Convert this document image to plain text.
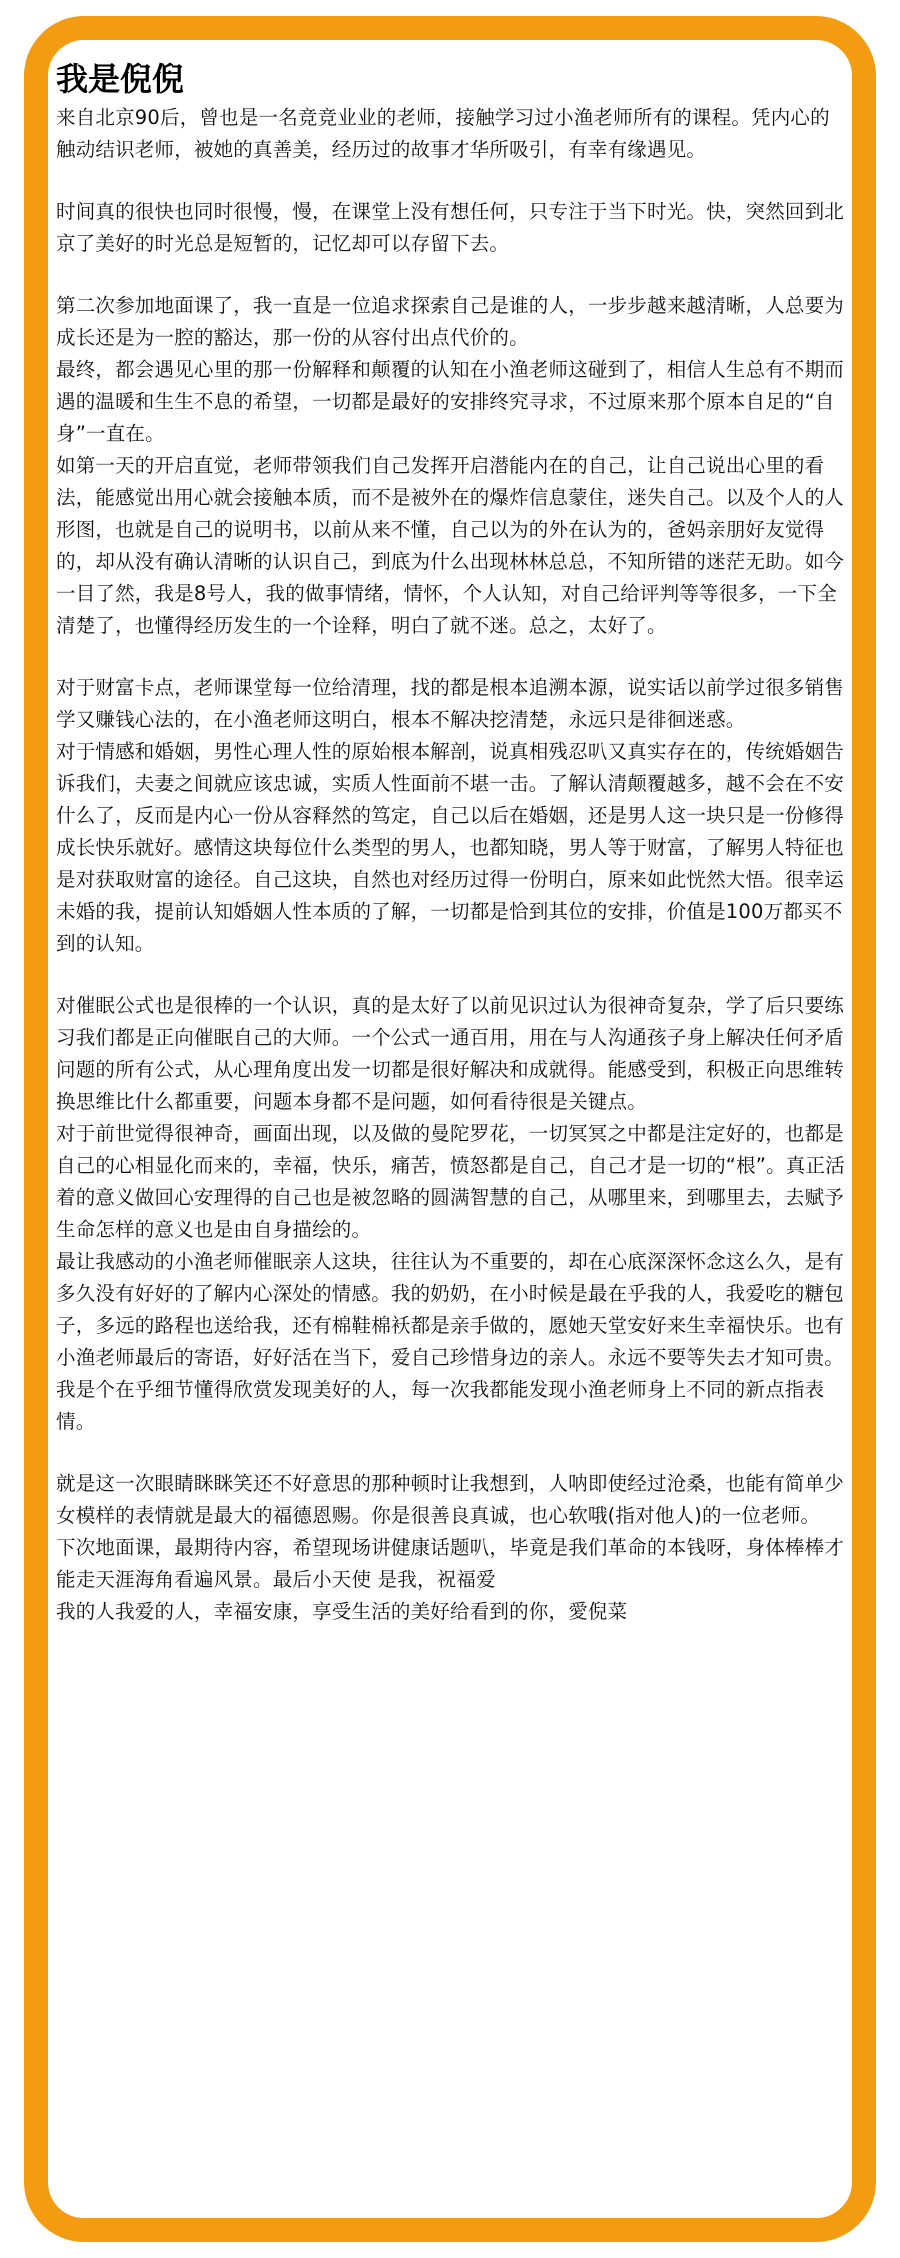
我是倪倪

来自北京90后，曾也是一名竞竞业业的老师，接触学习过小渔老师所有的课程。凭内心的触动结识老师，被她的真善美，经历过的故事才华所吸引，有幸有缘遇见。

时间真的很快也同时很慢，慢，在课堂上没有想任何，只专注于当下时光。快，突然回到北京了美好的时光总是短暂的，记忆却可以存留下去。

第二次参加地面课了，我一直是一位追求探索自己是谁的人，一步步越来越清晰，人总要为成长还是为一腔的豁达，那一份的从容付出点代价的。

最终，都会遇见心里的那一份解释和颠覆的认知在小渔老师这碰到了，相信人生总有不期而遇的温暖和生生不息的希望，一切都是最好的安排终究寻求，不过原来那个原本自足的“自身”一直在。

如第一天的开启直觉，老师带领我们自己发挥开启潜能内在的自己，让自己说出心里的看法，能感觉出用心就会接触本质，而不是被外在的爆炸信息蒙住，迷失自己。以及个人的人形图，也就是自己的说明书，以前从来不懂，自己以为的外在认为的，爸妈亲朋好友觉得的，却从没有确认清晰的认识自己，到底为什么出现林林总总，不知所错的迷茫无助。如今一目了然，我是8号人，我的做事情绪，情怀，个人认知，对自己给评判等等很多，一下全清楚了，也懂得经历发生的一个诠释，明白了就不迷。总之，太好了。

对于财富卡点，老师课堂每一位给清理，找的都是根本追溯本源，说实话以前学过很多销售学又赚钱心法的，在小渔老师这明白，根本不解决挖清楚，永远只是徘徊迷惑。

对于情感和婚姻，男性心理人性的原始根本解剖，说真相残忍叭又真实存在的，传统婚姻告诉我们，夫妻之间就应该忠诚，实质人性面前不堪一击。了解认清颠覆越多，越不会在不安什么了，反而是内心一份从容释然的笃定，自己以后在婚姻，还是男人这一块只是一份修得成长快乐就好。感情这块每位什么类型的男人，也都知晓，男人等于财富，了解男人特征也是对获取财富的途径。自己这块，自然也对经历过得一份明白，原来如此恍然大悟。很幸运未婚的我，提前认知婚姻人性本质的了解，一切都是恰到其位的安排，价值是100万都买不到的认知。

对催眠公式也是很棒的一个认识，真的是太好了以前见识过认为很神奇复杂，学了后只要练习我们都是正向催眠自己的大师。一个公式一通百用，用在与人沟通孩子身上解决任何矛盾问题的所有公式，从心理角度出发一切都是很好解决和成就得。能感受到，积极正向思维转换思维比什么都重要，问题本身都不是问题，如何看待很是关键点。

对于前世觉得很神奇，画面出现，以及做的曼陀罗花，一切冥冥之中都是注定好的，也都是自己的心相显化而来的，幸福，快乐，痛苦，愤怒都是自己，自己才是一切的“根”。真正活着的意义做回心安理得的自己也是被忽略的圆满智慧的自己，从哪里来，到哪里去，去赋予生命怎样的意义也是由自身描绘的。

最让我感动的小渔老师催眠亲人这块，往往认为不重要的，却在心底深深怀念这么久，是有多久没有好好的了解内心深处的情感。我的奶奶，在小时候是最在乎我的人，我爱吃的糖包子，多远的路程也送给我，还有棉鞋棉袄都是亲手做的，愿她天堂安好来生幸福快乐。也有小渔老师最后的寄语，好好活在当下，爱自己珍惜身边的亲人。永远不要等失去才知可贵。

我是个在乎细节懂得欣赏发现美好的人，每一次我都能发现小渔老师身上不同的新点指表情。

就是这一次眼睛眯眯笑还不好意思的那种顿时让我想到，人呐即使经过沧桑，也能有简单少女模样的表情就是最大的福德恩赐。你是很善良真诚，也心软哦(指对他人)的一位老师。

下次地面课，最期待内容，希望现场讲健康话题叭，毕竟是我们革命的本钱呀，身体棒棒才能走天涯海角看遍风景。最后小天使 是我，祝福爱

我的人我爱的人，幸福安康，享受生活的美好给看到的你，愛倪菜
